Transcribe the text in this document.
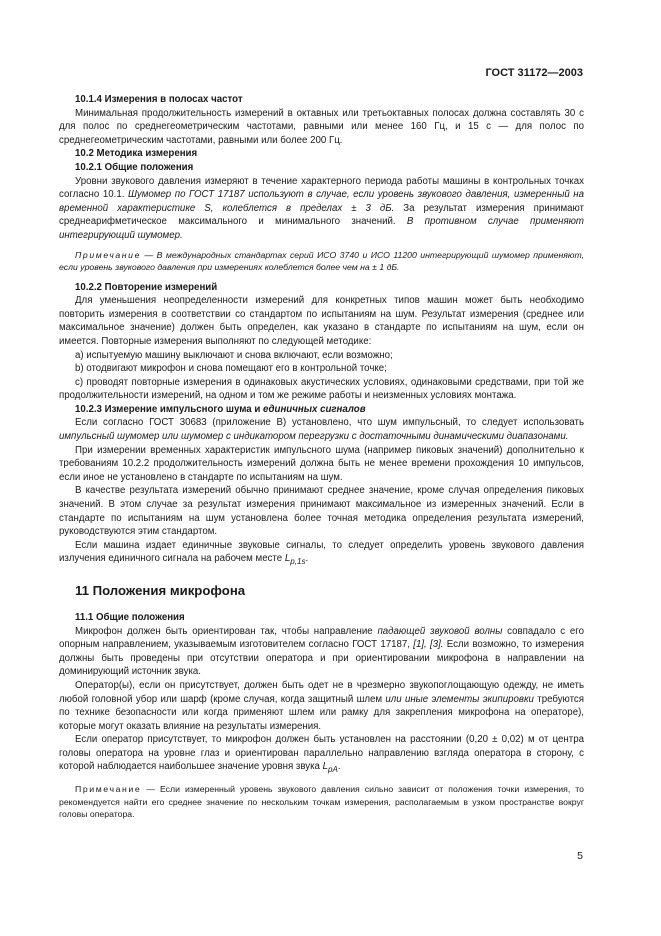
ГОСТ 31172—2003

10.1.4 Измерения в полосах частот

Минимальная продолжительность измерений в октавных или третьоктавных полосах должна составлять 30 с для полос по среднегеометрическим частотами, равными или менее 160 Гц, и 15 с — для полос по среднегеометрическим частотами, равными или более 200 Гц.

10.2 Методика измерения

10.2.1 Общие положения

Уровни звукового давления измеряют в течение характерного периода работы машины в контрольных точках согласно 10.1. Шумомер по ГОСТ 17187 используют в случае, если уровень звукового давления, измеренный на временной характеристике S, колеблется в пределах ± 3 дБ. За результат измерения принимают среднеарифметическое максимального и минимального значений. В противном случае применяют интегрирующий шумомер.

Примечание — В международных стандартах серий ИСО 3740 и ИСО 11200 интегрирующий шумомер применяют, если уровень звукового давления при измерениях колеблется более чем на ± 1 дБ.

10.2.2 Повторение измерений

Для уменьшения неопределенности измерений для конкретных типов машин может быть необходимо повторить измерения в соответствии со стандартом по испытаниям на шум. Результат измерения (среднее или максимальное значение) должен быть определен, как указано в стандарте по испытаниям на шум, если он имеется. Повторные измерения выполняют по следующей методике:

а) испытуемую машину выключают и снова включают, если возможно;

b) отодвигают микрофон и снова помещают его в контрольной точке;

c) проводят повторные измерения в одинаковых акустических условиях, одинаковыми средствами, при той же продолжительности измерений, на одном и том же режиме работы и неизменных условиях монтажа.

10.2.3 Измерение импульсного шума и единичных сигналов

Если согласно ГОСТ 30683 (приложение В) установлено, что шум импульсный, то следует использовать импульсный шумомер или шумомер с индикатором перегрузки с достаточными динамическими диапазонами.

При измерении временных характеристик импульсного шума (например пиковых значений) дополнительно к требованиям 10.2.2 продолжительность измерений должна быть не менее времени прохождения 10 импульсов, если иное не установлено в стандарте по испытаниям на шум.

В качестве результата измерений обычно принимают среднее значение, кроме случая определения пиковых значений. В этом случае за результат измерения принимают максимальное из измеренных значений. Если в стандарте по испытаниям на шум установлена более точная методика определения результата измерений, руководствуются этим стандартом.

Если машина издает единичные звуковые сигналы, то следует определить уровень звукового давления излучения единичного сигнала на рабочем месте $L_{p,1s}$.

11 Положения микрофона

11.1 Общие положения

Микрофон должен быть ориентирован так, чтобы направление падающей звуковой волны совпадало с его опорным направлением, указываемым изготовителем согласно ГОСТ 17187, [1], [3]. Если возможно, то измерения должны быть проведены при отсутствии оператора и при ориентировании микрофона в направлении на доминирующий источник звука.

Оператор(ы), если он присутствует, должен быть одет не в чрезмерно звукопоглощающую одежду, не иметь любой головной убор или шарф (кроме случая, когда защитный шлем или иные элементы экипировки требуются по технике безопасности или когда применяют шлем или рамку для закрепления микрофона на операторе), которые могут оказать влияние на результаты измерения.

Если оператор присутствует, то микрофон должен быть установлен на расстоянии (0,20 ± 0,02) м от центра головы оператора на уровне глаз и ориентирован параллельно направлению взгляда оператора в сторону, с которой наблюдается наибольшее значение уровня звука $L_{pA}$.

Примечание — Если измеренный уровень звукового давления сильно зависит от положения точки измерения, то рекомендуется найти его среднее значение по нескольким точкам измерения, располагаемым в узком пространстве вокруг головы оператора.

5
